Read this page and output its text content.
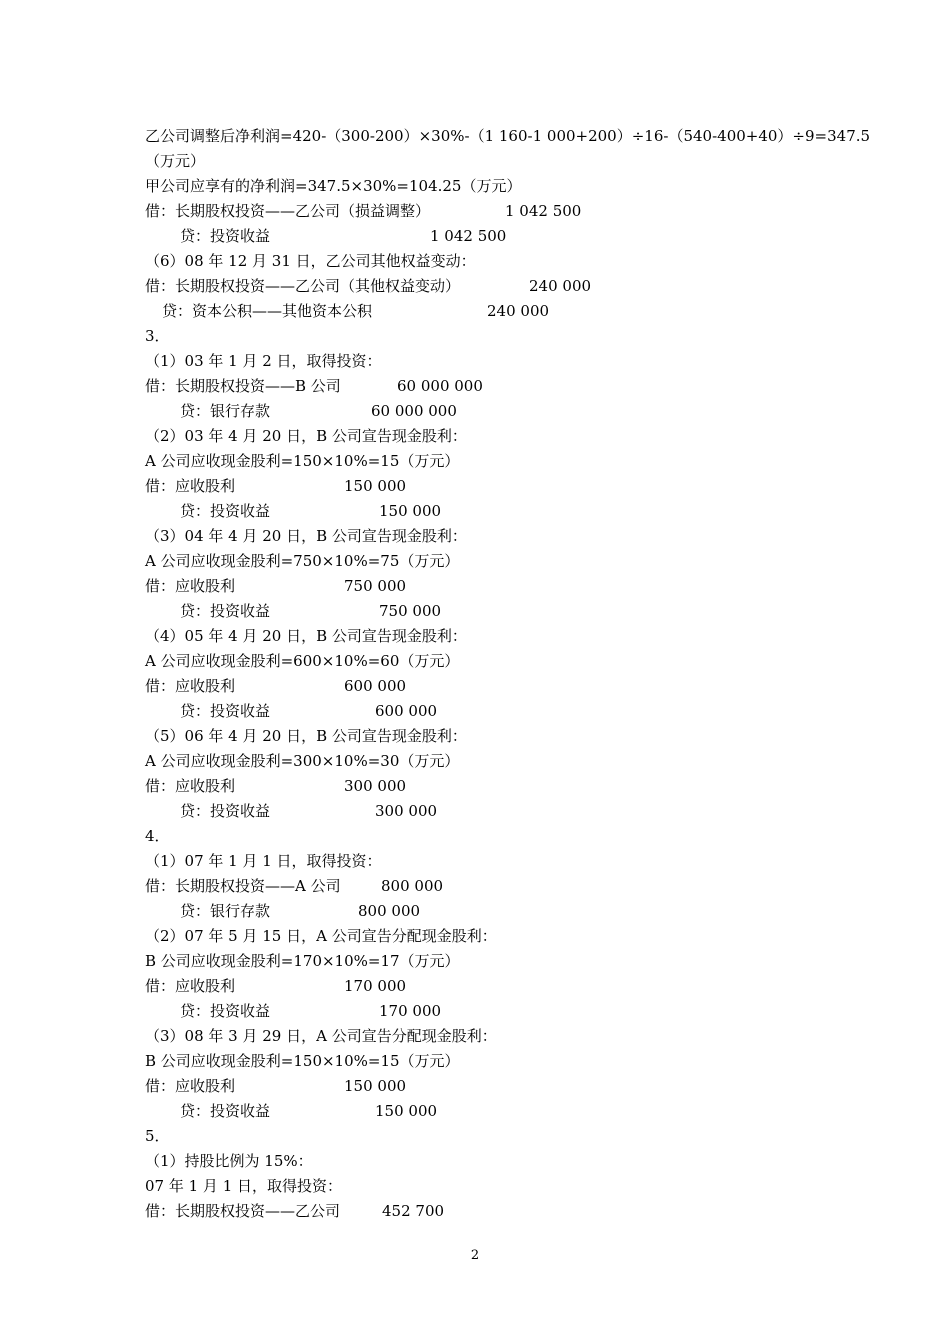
乙公司调整后净利润=420-（300-200）×30%-（1 160-1 000+200）÷16-（540-400+40）÷9=347.5
（万元）
甲公司应享有的净利润=347.5×30%=104.25（万元）
借：长期股权投资——乙公司（损益调整）	1 042 500
贷：投资收益	1 042 500
（6）08 年 12 月 31 日，乙公司其他权益变动：
借：长期股权投资——乙公司（其他权益变动）	240 000
贷：资本公积——其他资本公积	240 000
3．
（1）03 年 1 月 2 日，取得投资：
借：长期股权投资——B 公司	60 000 000
贷：银行存款	60 000 000
（2）03 年 4 月 20 日，B 公司宣告现金股利：
A 公司应收现金股利=150×10%=15（万元）
借：应收股利	150 000
贷：投资收益	150 000
（3）04 年 4 月 20 日，B 公司宣告现金股利：
A 公司应收现金股利=750×10%=75（万元）
借：应收股利	750 000
贷：投资收益	750 000
（4）05 年 4 月 20 日，B 公司宣告现金股利：
A 公司应收现金股利=600×10%=60（万元）
借：应收股利	600 000
贷：投资收益	600 000
（5）06 年 4 月 20 日，B 公司宣告现金股利：
A 公司应收现金股利=300×10%=30（万元）
借：应收股利	300 000
贷：投资收益	300 000
4．
（1）07 年 1 月 1 日，取得投资：
借：长期股权投资——A 公司	800 000
贷：银行存款	800 000
（2）07 年 5 月 15 日，A 公司宣告分配现金股利：
B 公司应收现金股利=170×10%=17（万元）
借：应收股利	170 000
贷：投资收益	170 000
（3）08 年 3 月 29 日，A 公司宣告分配现金股利：
B 公司应收现金股利=150×10%=15（万元）
借：应收股利	150 000
贷：投资收益	150 000
5．
（1）持股比例为 15%：
07 年 1 月 1 日，取得投资：
借：长期股权投资——乙公司	452 700
2
